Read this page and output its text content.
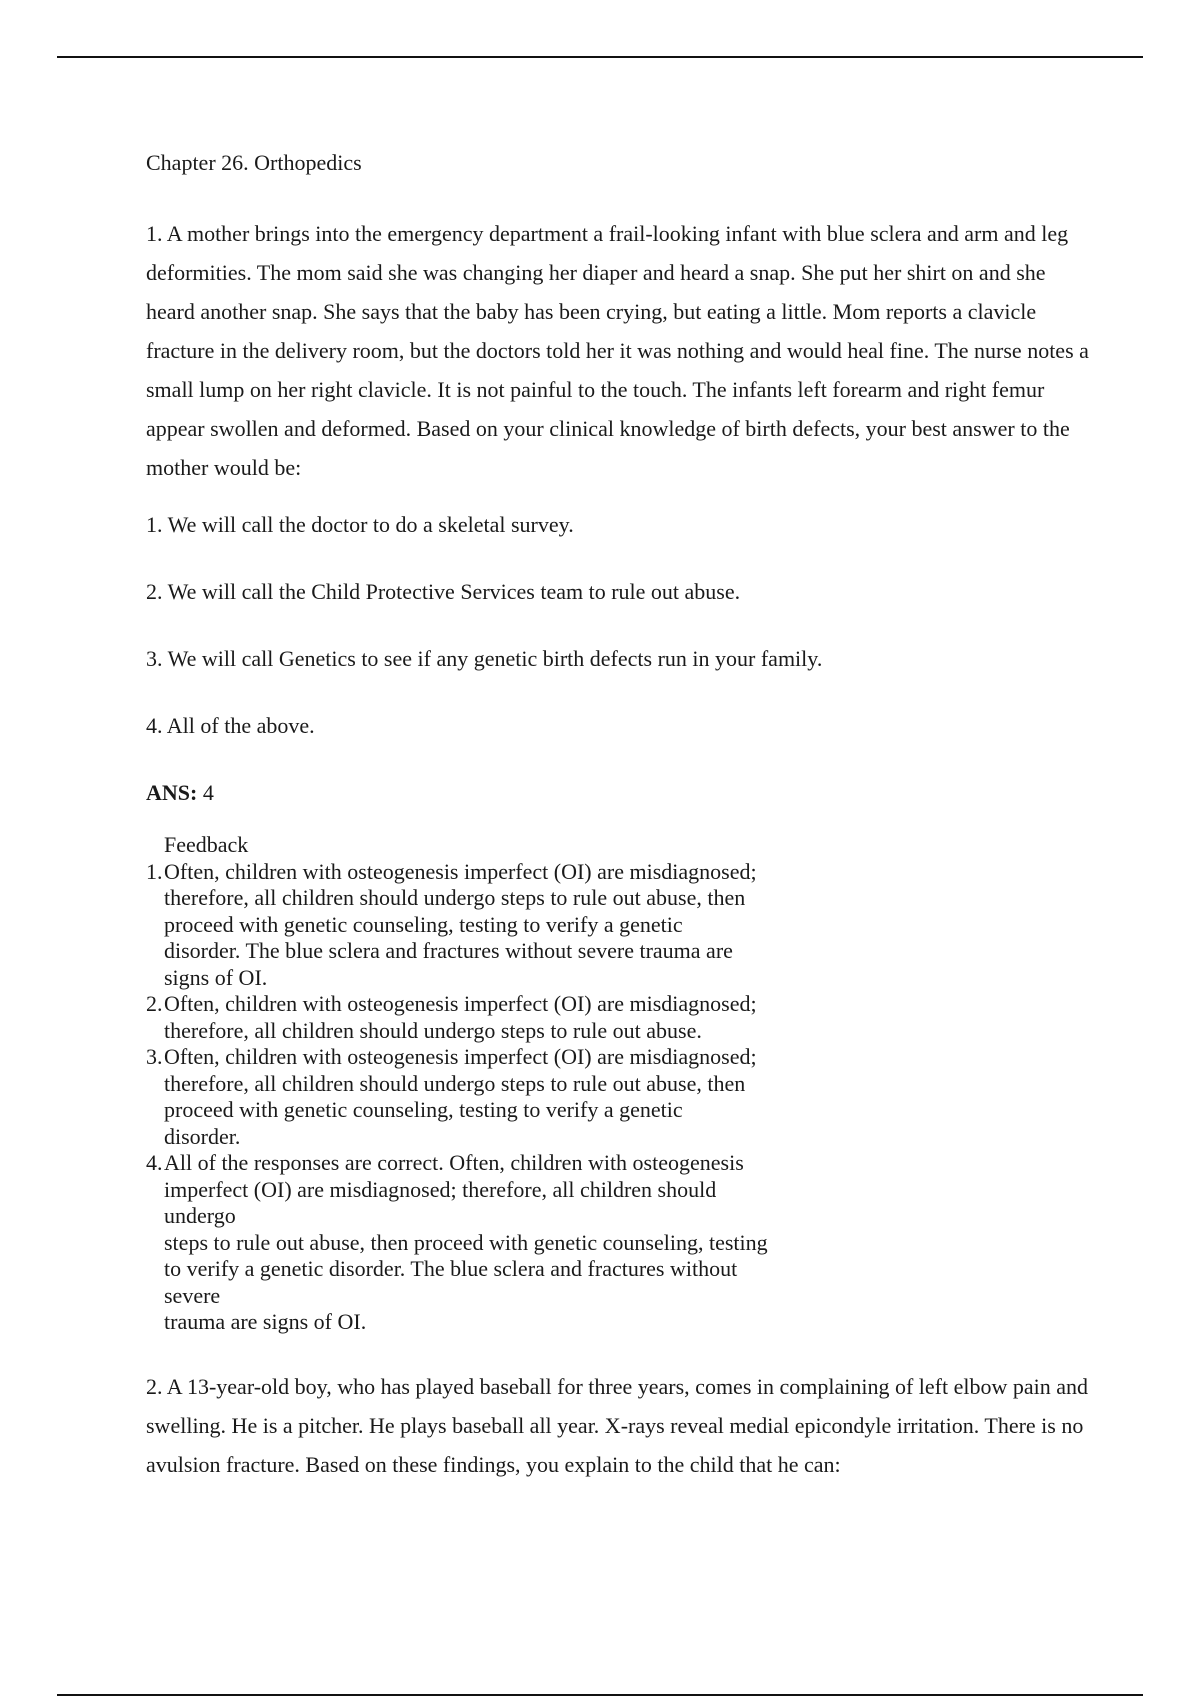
Chapter 26. Orthopedics

1. A mother brings into the emergency department a frail-looking infant with blue sclera and arm and leg deformities. The mom said she was changing her diaper and heard a snap. She put her shirt on and she heard another snap. She says that the baby has been crying, but eating a little. Mom reports a clavicle fracture in the delivery room, but the doctors told her it was nothing and would heal fine. The nurse notes a small lump on her right clavicle. It is not painful to the touch. The infants left forearm and right femur appear swollen and deformed. Based on your clinical knowledge of birth defects, your best answer to the mother would be:

1. We will call the doctor to do a skeletal survey.

2. We will call the Child Protective Services team to rule out abuse.

3. We will call Genetics to see if any genetic birth defects run in your family.

4. All of the above.

ANS: 4
Feedback
1. Often, children with osteogenesis imperfect (OI) are misdiagnosed;
therefore, all children should undergo steps to rule out abuse, then
proceed with genetic counseling, testing to verify a genetic
disorder. The blue sclera and fractures without severe trauma are
signs of OI.
2. Often, children with osteogenesis imperfect (OI) are misdiagnosed;
therefore, all children should undergo steps to rule out abuse.
3. Often, children with osteogenesis imperfect (OI) are misdiagnosed;
therefore, all children should undergo steps to rule out abuse, then
proceed with genetic counseling, testing to verify a genetic
disorder.
4. All of the responses are correct. Often, children with osteogenesis
imperfect (OI) are misdiagnosed; therefore, all children should
undergo
steps to rule out abuse, then proceed with genetic counseling, testing
to verify a genetic disorder. The blue sclera and fractures without
severe
trauma are signs of OI.

2. A 13-year-old boy, who has played baseball for three years, comes in complaining of left elbow pain and swelling. He is a pitcher. He plays baseball all year. X-rays reveal medial epicondyle irritation. There is no avulsion fracture. Based on these findings, you explain to the child that he can:
